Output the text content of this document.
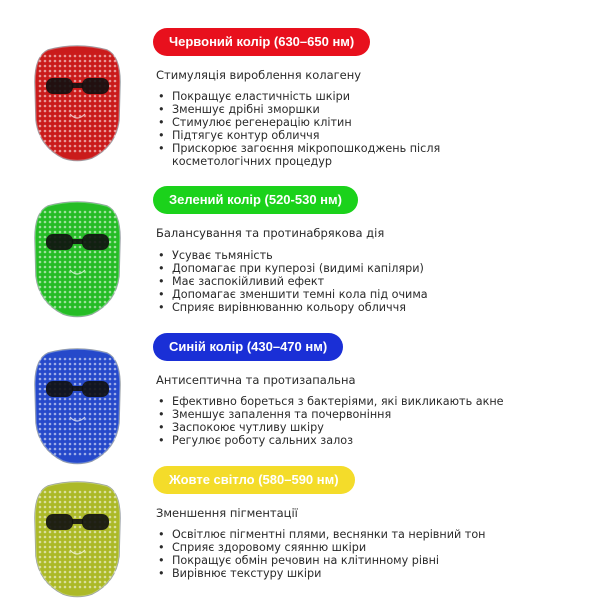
Червоний колір (630–650 нм)
Стимуляція вироблення колагену
• Покращує еластичність шкіри
• Зменшує дрібні зморшки
• Стимулює регенерацію клітин
• Підтягує контур обличчя
• Прискорює загоєння мікропошкоджень після косметологічних процедур
Зелений колір (520-530 нм)
Балансування та протинабрякова дія
• Усуває тьмяність
• Допомагає при куперозі (видимі капіляри)
• Має заспокійливий ефект
• Допомагає зменшити темні кола під очима
• Сприяє вирівнюванню кольору обличчя
Синій колір (430–470 нм)
Антисептична та протизапальна
• Ефективно бореться з бактеріями, які викликають акне
• Зменшує запалення та почервоніння
• Заспокоює чутливу шкіру
• Регулює роботу сальних залоз
Жовте світло (580–590 нм)
Зменшення пігментації
• Освітлює пігментні плями, веснянки та нерівний тон
• Сприяє здоровому сяянню шкіри
• Покращує обмін речовин на клітинному рівні
• Вирівнює текстуру шкіри
